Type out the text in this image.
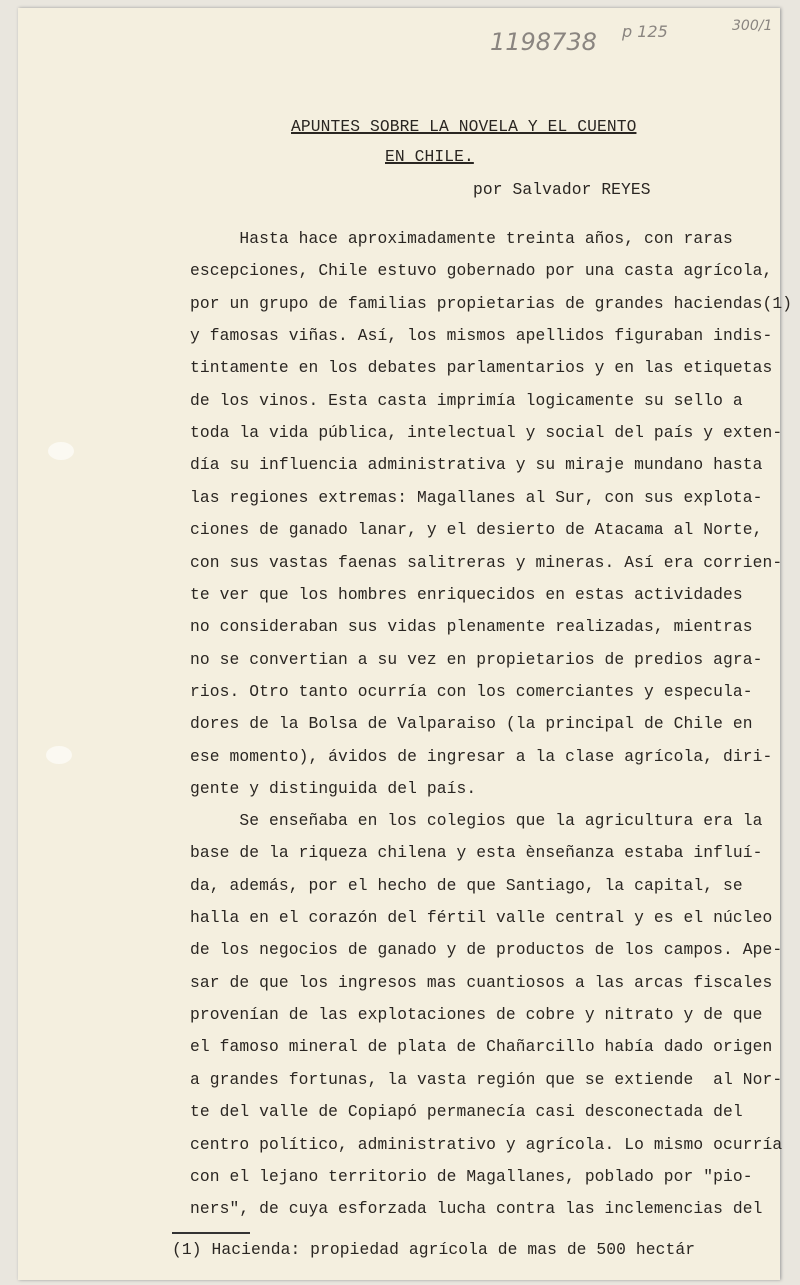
1198738 p 125	300/1
APUNTES SOBRE LA NOVELA Y EL CUENTO
EN CHILE.
por Salvador REYES
Hasta hace aproximadamente treinta años, con raras
escepciones, Chile estuvo gobernado por una casta agrícola,
por un grupo de familias propietarias de grandes haciendas(1)
y famosas viñas. Así, los mismos apellidos figuraban indis-
tintamente en los debates parlamentarios y en las etiquetas
de los vinos. Esta casta imprimía logicamente su sello a
toda la vida pública, intelectual y social del país y exten-
día su influencia administrativa y su miraje mundano hasta
las regiones extremas: Magallanes al Sur, con sus explota-
ciones de ganado lanar, y el desierto de Atacama al Norte,
con sus vastas faenas salitreras y mineras. Así era corrien-
te ver que los hombres enriquecidos en estas actividades
no consideraban sus vidas plenamente realizadas, mientras
no se convertian a su vez en propietarios de predios agra-
rios. Otro tanto ocurría con los comerciantes y especula-
dores de la Bolsa de Valparaiso (la principal de Chile en
ese momento), ávidos de ingresar a la clase agrícola, diri-
gente y distinguida del país.
Se enseñaba en los colegios que la agricultura era la
base de la riqueza chilena y esta ènseñanza estaba influí-
da, además, por el hecho de que Santiago, la capital, se
halla en el corazón del fértil valle central y es el núcleo
de los negocios de ganado y de productos de los campos. Ape-
sar de que los ingresos mas cuantiosos a las arcas fiscales
provenían de las explotaciones de cobre y nitrato y de que
el famoso mineral de plata de Chañarcillo había dado origen
a grandes fortunas, la vasta región que se extiende  al Nor-
te del valle de Copiapó permanecía casi desconectada del
centro político, administrativo y agrícola. Lo mismo ocurría
con el lejano territorio de Magallanes, poblado por "pio-
ners", de cuya esforzada lucha contra las inclemencias del
(1) Hacienda: propiedad agrícola de mas de 500 hectár
